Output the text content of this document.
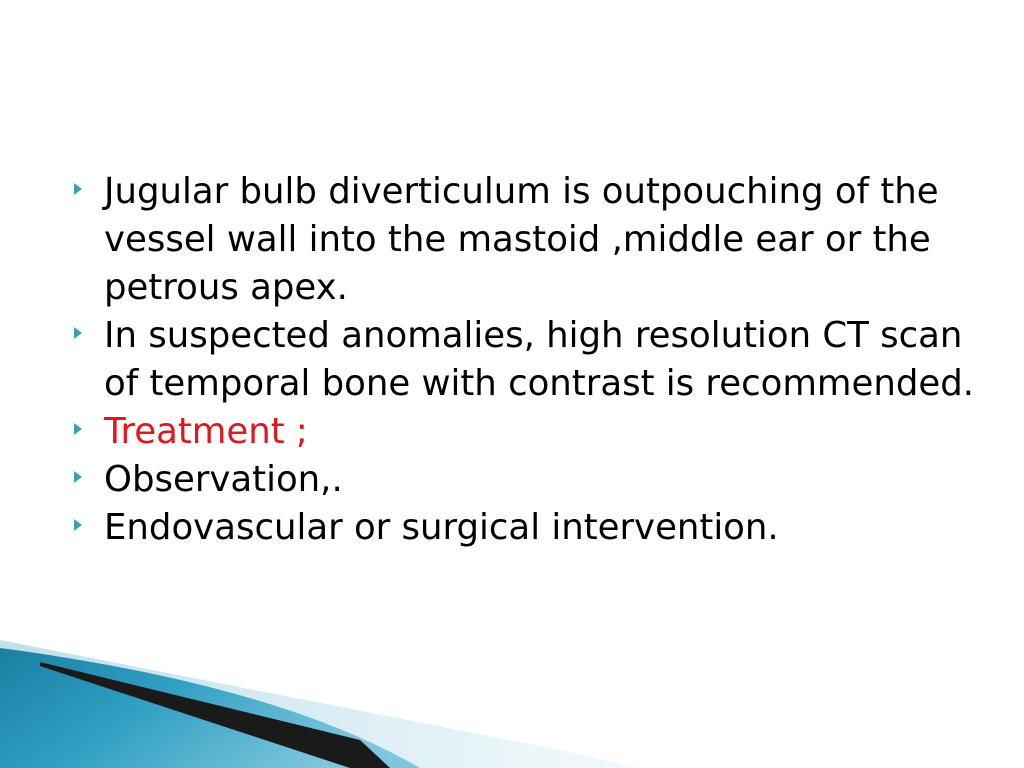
Jugular bulb diverticulum is outpouching of the vessel wall into the mastoid ,middle ear or the petrous apex.
In suspected anomalies, high resolution CT scan of temporal bone with contrast is recommended.
Treatment ;
Observation,.
Endovascular or surgical intervention.
